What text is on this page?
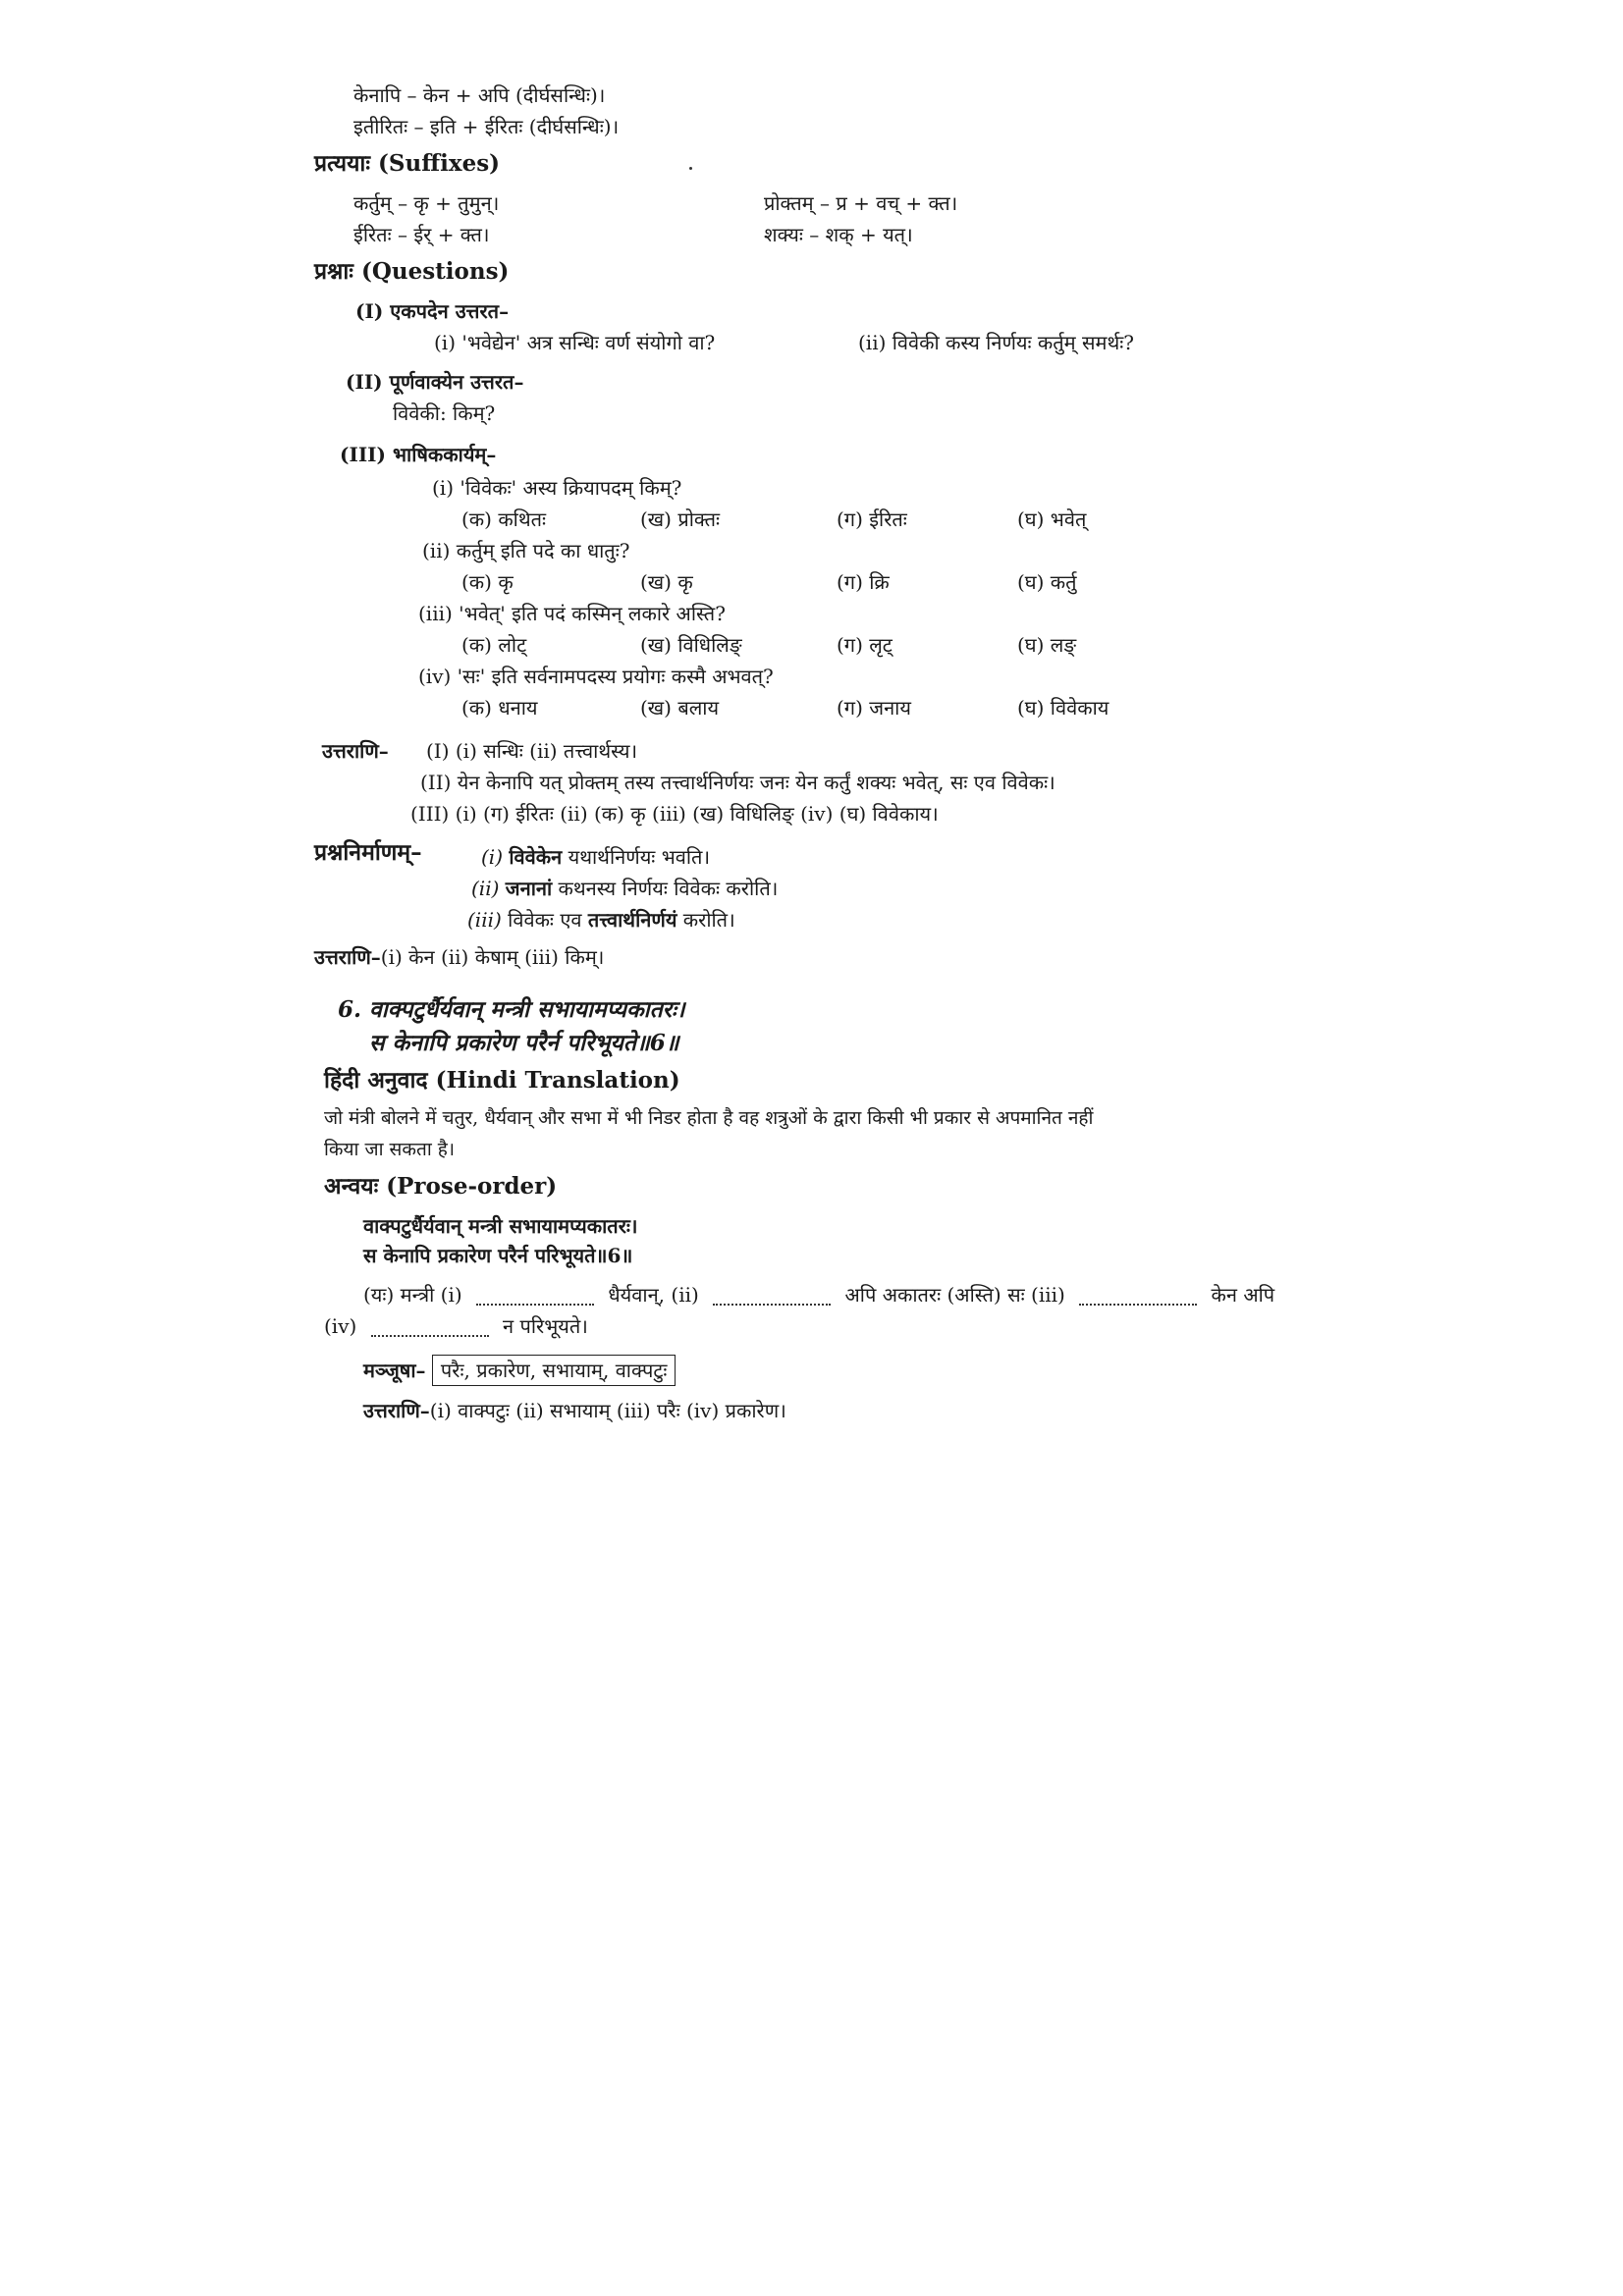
केनापि – केन + अपि (दीर्घसन्धिः)।
इतीरितः – इति + ईरितः (दीर्घसन्धिः)।
प्रत्ययाः (Suffixes)
कर्तुम् – कृ + तुमुन्।	प्रोक्तम् – प्र + वच् + क्त।
ईरितः – ईर् + क्त।	शक्यः – शक् + यत्।
प्रश्नाः (Questions)
(I) एकपदेन उत्तरत–
(i) 'भवेद्येन' अत्र सन्धिः वर्ण संयोगो वा?	(ii) विवेकी कस्य निर्णयः कर्तुम् समर्थः?
(II) पूर्णवाक्येन उत्तरत–
विवेकी: किम्?
(III) भाषिककार्यम्–
(i) 'विवेकः' अस्य क्रियापदम् किम्?
(क) कथितः	(ख) प्रोक्तः	(ग) ईरितः	(घ) भवेत्
(ii) कर्तुम् इति पदे का धातुः?
(क) कृ	(ख) कृ	(ग) क्रि	(घ) कर्तु
(iii) 'भवेत्' इति पदं कस्मिन् लकारे अस्ति?
(क) लोट्	(ख) विधिलिङ्	(ग) लृट्	(घ) लङ्
(iv) 'सः' इति सर्वनामपदस्य प्रयोगः कस्मै अभवत्?
(क) धनाय	(ख) बलाय	(ग) जनाय	(घ) विवेकाय
उत्तराणि– (I) (i) सन्धिः (ii) तत्त्वार्थस्य।
(II) येन केनापि यत् प्रोक्तम् तस्य तत्त्वार्थनिर्णयः जनः येन कर्तुं शक्यः भवेत्, सः एव विवेकः।
(III) (i) (ग) ईरितः (ii) (क) कृ (iii) (ख) विधिलिङ् (iv) (घ) विवेकाय।
प्रश्ननिर्माणम्–	(i) विवेकेन यथार्थनिर्णयः भवति।
(ii) जनानां कथनस्य निर्णयः विवेकः करोति।
(iii) विवेकः एव तत्त्वार्थनिर्णयं करोति।
उत्तराणि–(i) केन (ii) केषाम् (iii) किम्।
6. वाक्पटुर्धैर्यवान् मन्त्री सभायामप्यकातरः।
स केनापि प्रकारेण परैर्न परिभूयते॥6॥
हिंदी अनुवाद (Hindi Translation)
जो मंत्री बोलने में चतुर, धैर्यवान् और सभा में भी निडर होता है वह शत्रुओं के द्वारा किसी भी प्रकार से अपमानित नहीं
किया जा सकता है।
अन्वयः (Prose-order)
वाक्पटुर्धैर्यवान् मन्त्री सभायामप्यकातरः।
स केनापि प्रकारेण परैर्न परिभूयते॥6॥
(यः) मन्त्री (i)	धैर्यवान्, (ii)	अपि अकातरः (अस्ति) सः (iii)	केन अपि
(iv)	न परिभूयते।
मञ्जूषा– परैः, प्रकारेण, सभायाम्, वाक्पटुः
उत्तराणि–(i) वाक्पटुः (ii) सभायाम् (iii) परैः (iv) प्रकारेण।
